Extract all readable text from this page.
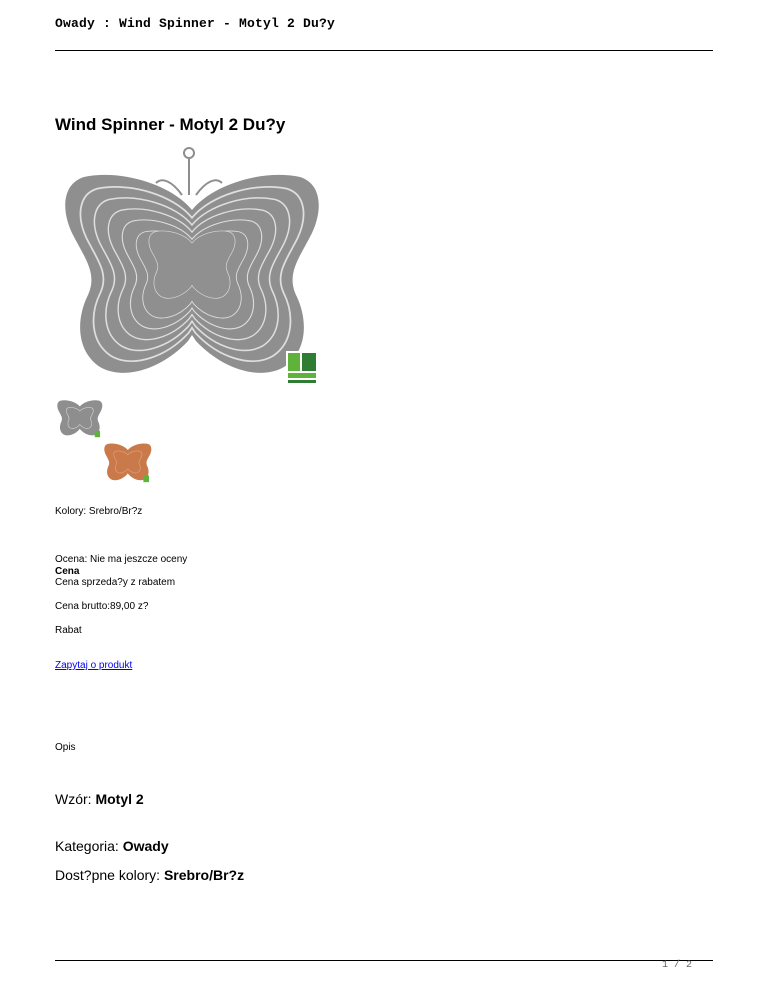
Owady : Wind Spinner - Motyl 2 Du?y
Wind Spinner - Motyl 2 Du?y
Kolory: Srebro/Br?z
Ocena: Nie ma jeszcze oceny
Cena
Cena sprzeda?y z rabatem
Cena brutto:89,00 z?
Rabat
Zapytaj o produkt
Opis
Wzór: Motyl 2
Kategoria: Owady
Dost?pne kolory: Srebro/Br?z
1 / 2
